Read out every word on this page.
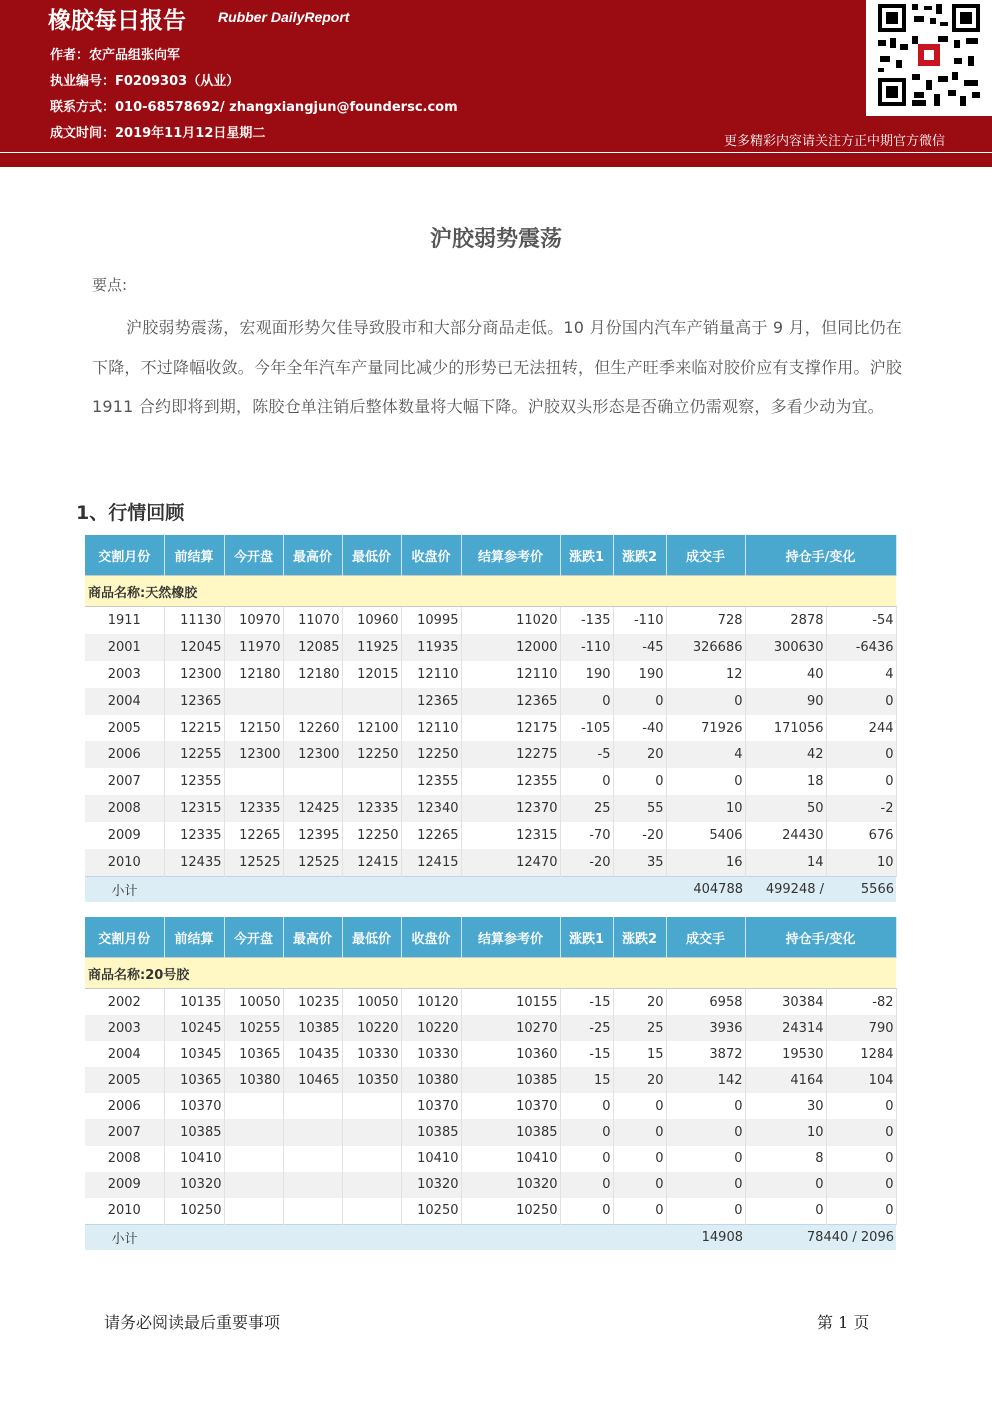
橡胶每日报告 Rubber DailyReport
作者：农产品组张向军
执业编号：F0209303（从业）
联系方式：010-68578692/ zhangxiangjun@foundersc.com
成文时间：2019年11月12日星期二
更多精彩内容请关注方正中期官方微信
沪胶弱势震荡
要点:
沪胶弱势震荡，宏观面形势欠佳导致股市和大部分商品走低。10 月份国内汽车产销量高于 9 月，但同比仍在下降，不过降幅收敛。今年全年汽车产量同比减少的形势已无法扭转，但生产旺季来临对胶价应有支撑作用。沪胶 1911 合约即将到期，陈胶仓单注销后整体数量将大幅下降。沪胶双头形态是否确立仍需观察，多看少动为宜。
1、行情回顾
交割月份	前结算	今开盘	最高价	最低价	收盘价	结算参考价	涨跌1	涨跌2	成交手	持仓手/变化	
商品名称:天然橡胶											
1911	11130	10970	11070	10960	10995	11020	-135	-110	728	2878	-54
2001	12045	11970	12085	11925	11935	12000	-110	-45	326686	300630	-6436
2003	12300	12180	12180	12015	12110	12110	190	190	12	40	4
2004	12365				12365	12365	0	0	0	90	0
2005	12215	12150	12260	12100	12110	12175	-105	-40	71926	171056	244
2006	12255	12300	12300	12250	12250	12275	-5	20	4	42	0
2007	12355				12355	12355	0	0	0	18	0
2008	12315	12335	12425	12335	12340	12370	25	55	10	50	-2
2009	12335	12265	12395	12250	12265	12315	-70	-20	5406	24430	676
2010	12435	12525	12525	12415	12415	12470	-20	35	16	14	10
小计									404788	499248 /	5566
交割月份	前结算	今开盘	最高价	最低价	收盘价	结算参考价	涨跌1	涨跌2	成交手	持仓手/变化	
商品名称:20号胶											
2002	10135	10050	10235	10050	10120	10155	-15	20	6958	30384	-82
2003	10245	10255	10385	10220	10220	10270	-25	25	3936	24314	790
2004	10345	10365	10435	10330	10330	10360	-15	15	3872	19530	1284
2005	10365	10380	10465	10350	10380	10385	15	20	142	4164	104
2006	10370				10370	10370	0	0	0	30	0
2007	10385				10385	10385	0	0	0	10	0
2008	10410				10410	10410	0	0	0	8	0
2009	10320				10320	10320	0	0	0	0	0
2010	10250				10250	10250	0	0	0	0	0
小计									14908	78440 / 2096	
请务必阅读最后重要事项	第 1 页
